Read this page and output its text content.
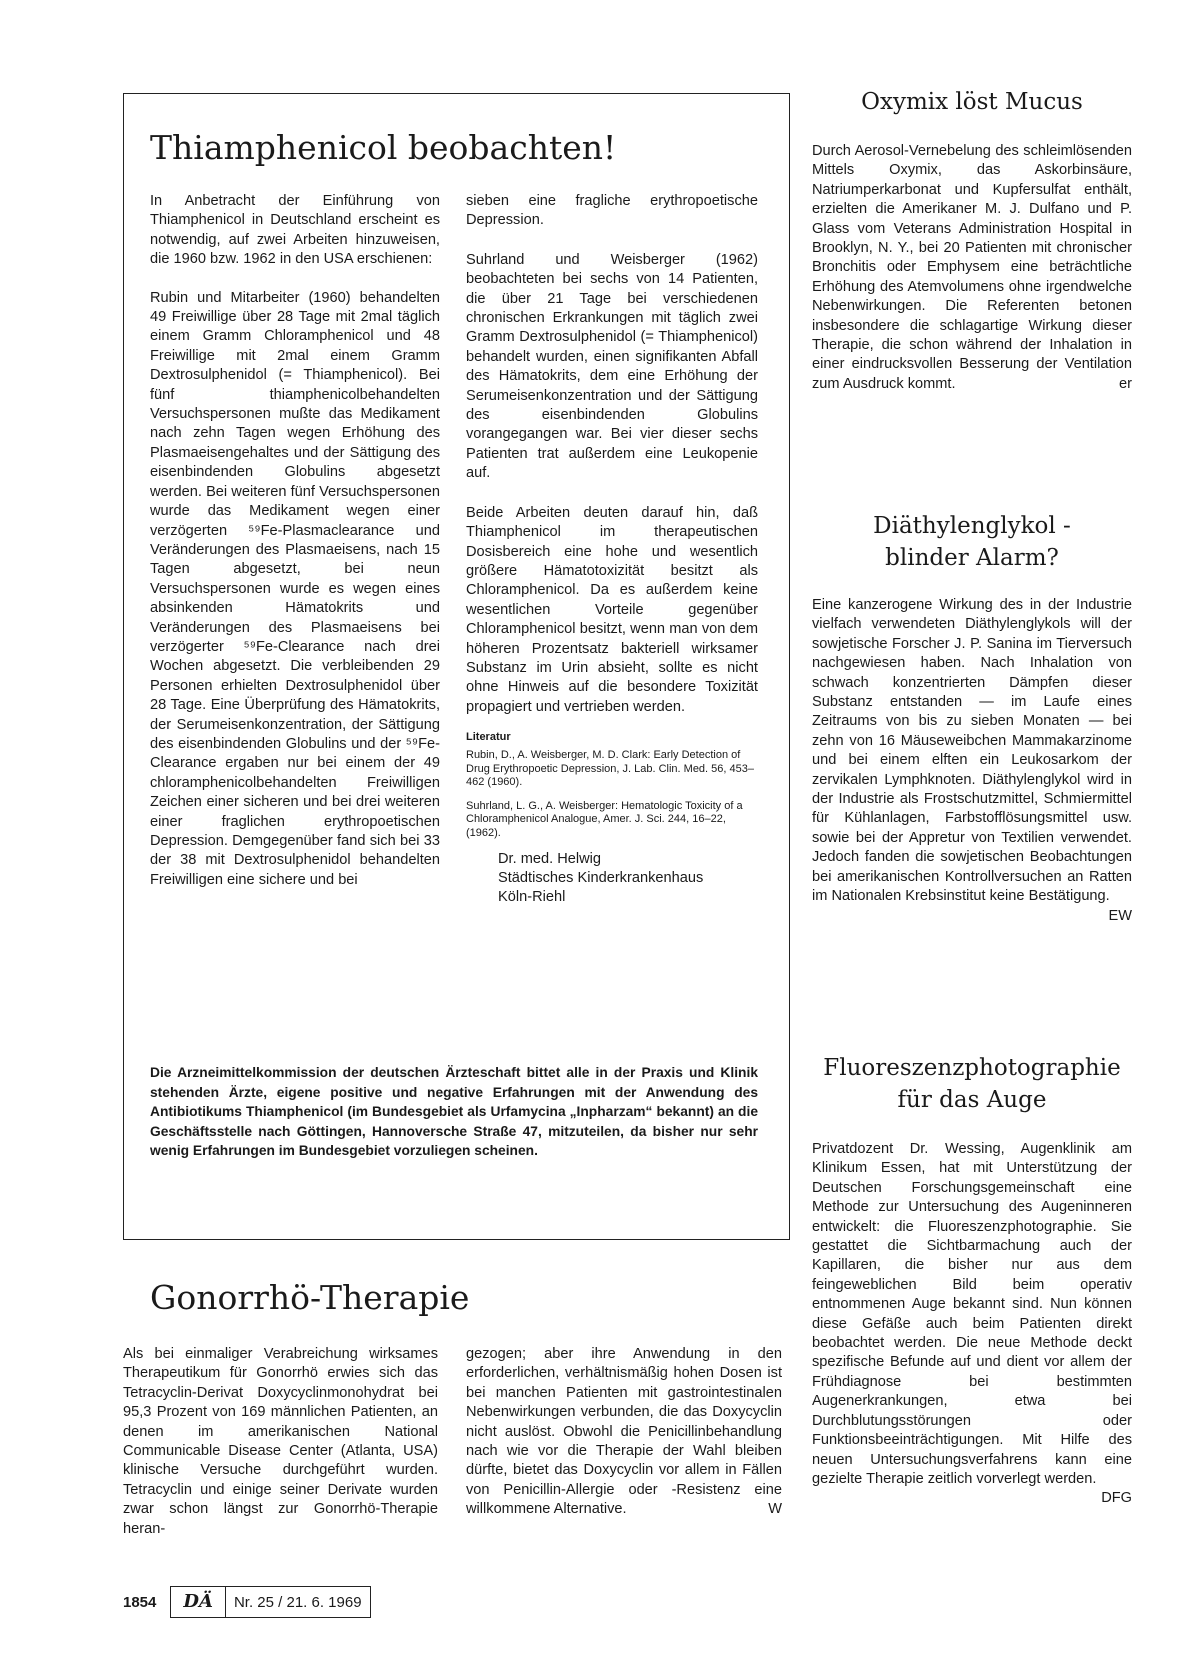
Thiamphenicol beobachten!

In Anbetracht der Einführung von Thiamphenicol in Deutschland erscheint es notwendig, auf zwei Arbeiten hinzuweisen, die 1960 bzw. 1962 in den USA erschienen:

Rubin und Mitarbeiter (1960) behandelten 49 Freiwillige über 28 Tage mit 2mal täglich einem Gramm Chloramphenicol und 48 Freiwillige mit 2mal einem Gramm Dextrosulphenidol (= Thiamphenicol). Bei fünf thiamphenicolbehandelten Versuchspersonen mußte das Medikament nach zehn Tagen wegen Erhöhung des Plasmaeisengehaltes und der Sättigung des eisenbindenden Globulins abgesetzt werden. Bei weiteren fünf Versuchspersonen wurde das Medikament wegen einer verzögerten ⁵⁹Fe-Plasmaclearance und Veränderungen des Plasmaeisens, nach 15 Tagen abgesetzt, bei neun Versuchspersonen wurde es wegen eines absinkenden Hämatokrits und Veränderungen des Plasmaeisens bei verzögerter ⁵⁹Fe-Clearance nach drei Wochen abgesetzt. Die verbleibenden 29 Personen erhielten Dextrosulphenidol über 28 Tage. Eine Überprüfung des Hämatokrits, der Serumeisenkonzentration, der Sättigung des eisenbindenden Globulins und der ⁵⁹Fe-Clearance ergaben nur bei einem der 49 chloramphenicolbehandelten Freiwilligen Zeichen einer sicheren und bei drei weiteren einer fraglichen erythropoetischen Depression. Demgegenüber fand sich bei 33 der 38 mit Dextrosulphenidol behandelten Freiwilligen eine sichere und bei

sieben eine fragliche erythropoetische Depression.

Suhrland und Weisberger (1962) beobachteten bei sechs von 14 Patienten, die über 21 Tage bei verschiedenen chronischen Erkrankungen mit täglich zwei Gramm Dextrosulphenidol (= Thiamphenicol) behandelt wurden, einen signifikanten Abfall des Hämatokrits, dem eine Erhöhung der Serumeisenkonzentration und der Sättigung des eisenbindenden Globulins vorangegangen war. Bei vier dieser sechs Patienten trat außerdem eine Leukopenie auf.

Beide Arbeiten deuten darauf hin, daß Thiamphenicol im therapeutischen Dosisbereich eine hohe und wesentlich größere Hämatotoxizität besitzt als Chloramphenicol. Da es außerdem keine wesentlichen Vorteile gegenüber Chloramphenicol besitzt, wenn man von dem höheren Prozentsatz bakteriell wirksamer Substanz im Urin absieht, sollte es nicht ohne Hinweis auf die besondere Toxizität propagiert und vertrieben werden.

Literatur

Rubin, D., A. Weisberger, M. D. Clark: Early Detection of Drug Erythropoetic Depression, J. Lab. Clin. Med. 56, 453–462 (1960).

Suhrland, L. G., A. Weisberger: Hematologic Toxicity of a Chloramphenicol Analogue, Amer. J. Sci. 244, 16–22, (1962).

Dr. med. Helwig
Städtisches Kinderkrankenhaus
Köln-Riehl
Die Arzneimittelkommission der deutschen Ärzteschaft bittet alle in der Praxis und Klinik stehenden Ärzte, eigene positive und negative Erfahrungen mit der Anwendung des Antibiotikums Thiamphenicol (im Bundesgebiet als Urfamycina „Inpharzam“ bekannt) an die Geschäftsstelle nach Göttingen, Hannoversche Straße 47, mitzuteilen, da bisher nur sehr wenig Erfahrungen im Bundesgebiet vorzuliegen scheinen.
Gonorrhö-Therapie

Als bei einmaliger Verabreichung wirksames Therapeutikum für Gonorrhö erwies sich das Tetracyclin-Derivat Doxycyclinmonohydrat bei 95,3 Prozent von 169 männlichen Patienten, an denen im amerikanischen National Communicable Disease Center (Atlanta, USA) klinische Versuche durchgeführt wurden. Tetracyclin und einige seiner Derivate wurden zwar schon längst zur Gonorrhö-Therapie heran-

gezogen; aber ihre Anwendung in den erforderlichen, verhältnismäßig hohen Dosen ist bei manchen Patienten mit gastrointestinalen Nebenwirkungen verbunden, die das Doxycyclin nicht auslöst. Obwohl die Penicillinbehandlung nach wie vor die Therapie der Wahl bleiben dürfte, bietet das Doxycyclin vor allem in Fällen von Penicillin-Allergie oder -Resistenz eine willkommene Alternative.	W

Oxymix löst Mucus

Durch Aerosol-Vernebelung des schleimlösenden Mittels Oxymix, das Askorbinsäure, Natriumperkarbonat und Kupfersulfat enthält, erzielten die Amerikaner M. J. Dulfano und P. Glass vom Veterans Administration Hospital in Brooklyn, N. Y., bei 20 Patienten mit chronischer Bronchitis oder Emphysem eine beträchtliche Erhöhung des Atemvolumens ohne irgendwelche Nebenwirkungen. Die Referenten betonen insbesondere die schlagartige Wirkung dieser Therapie, die schon während der Inhalation in einer eindrucksvollen Besserung der Ventilation zum Ausdruck kommt.	er

Diäthylenglykol -
blinder Alarm?

Eine kanzerogene Wirkung des in der Industrie vielfach verwendeten Diäthylenglykols will der sowjetische Forscher J. P. Sanina im Tierversuch nachgewiesen haben. Nach Inhalation von schwach konzentrierten Dämpfen dieser Substanz entstanden — im Laufe eines Zeitraums von bis zu sieben Monaten — bei zehn von 16 Mäuseweibchen Mammakarzinome und bei einem elften ein Leukosarkom der zervikalen Lymphknoten. Diäthylenglykol wird in der Industrie als Frostschutzmittel, Schmiermittel für Kühlanlagen, Farbstofflösungsmittel usw. sowie bei der Appretur von Textilien verwendet. Jedoch fanden die sowjetischen Beobachtungen bei amerikanischen Kontrollversuchen an Ratten im Nationalen Krebsinstitut keine Bestätigung.
EW

Fluoreszenzphotographie
für das Auge

Privatdozent Dr. Wessing, Augenklinik am Klinikum Essen, hat mit Unterstützung der Deutschen Forschungsgemeinschaft eine Methode zur Untersuchung des Augeninneren entwickelt: die Fluoreszenzphotographie. Sie gestattet die Sichtbarmachung auch der Kapillaren, die bisher nur aus dem feingeweblichen Bild beim operativ entnommenen Auge bekannt sind. Nun können diese Gefäße auch beim Patienten direkt beobachtet werden. Die neue Methode deckt spezifische Befunde auf und dient vor allem der Frühdiagnose bei bestimmten Augenerkrankungen, etwa bei Durchblutungsstörungen oder Funktionsbeeinträchtigungen. Mit Hilfe des neuen Untersuchungsverfahrens kann eine gezielte Therapie zeitlich vorverlegt werden.
DFG

1854	DÄ	Nr. 25 / 21. 6. 1969
